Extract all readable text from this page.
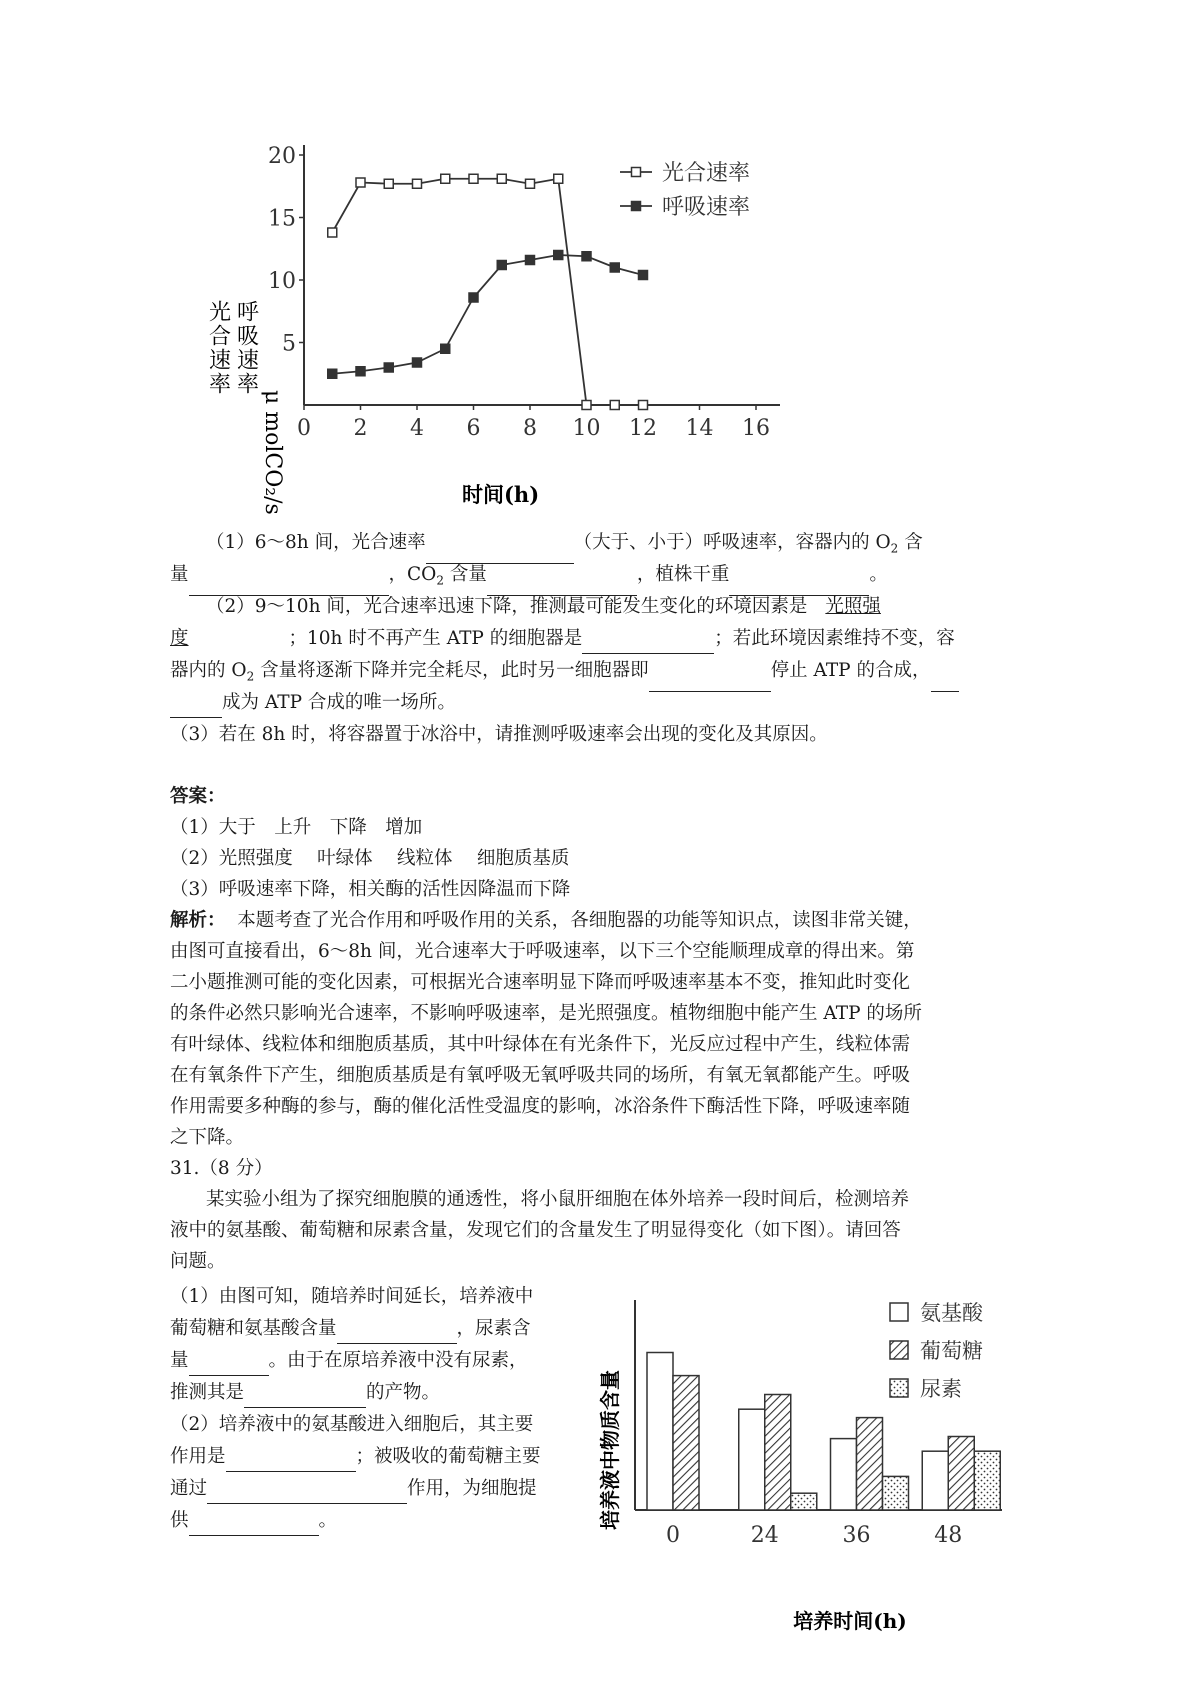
0 2 4 6 8 10 12 14 16
5
10
15
20
光合速率
呼吸速率
光合速率 呼吸速率
μ molCO₂/s	时间(h)
（1）6～8h 间，光合速率	（大于、小于）呼吸速率，容器内的 $O_2$ 含
量	，$CO_2$ 含量	，植株干重	。
（2）9～10h 间，光合速率迅速下降，推测最可能发生变化的环境因素是 光照强
度	；10h 时不再产生 ATP 的细胞器是	；若此环境因素维持不变，容
器内的 $O_2$ 含量将逐渐下降并完全耗尽，此时另一细胞器即	停止 ATP 的合成，
成为 ATP 合成的唯一场所。
（3）若在 8h 时，将容器置于冰浴中，请推测呼吸速率会出现的变化及其原因。
答案：
（1）大于　上升　下降　增加
（2）光照强度　 叶绿体　 线粒体　 细胞质基质
（3）呼吸速率下降，相关酶的活性因降温而下降
解析： 本题考查了光合作用和呼吸作用的关系，各细胞器的功能等知识点，读图非常关键，
由图可直接看出，6～8h 间，光合速率大于呼吸速率，以下三个空能顺理成章的得出来。第
二小题推测可能的变化因素，可根据光合速率明显下降而呼吸速率基本不变，推知此时变化
的条件必然只影响光合速率，不影响呼吸速率，是光照强度。植物细胞中能产生 ATP 的场所
有叶绿体、线粒体和细胞质基质，其中叶绿体在有光条件下，光反应过程中产生，线粒体需
在有氧条件下产生，细胞质基质是有氧呼吸无氧呼吸共同的场所，有氧无氧都能产生。呼吸
作用需要多种酶的参与，酶的催化活性受温度的影响，冰浴条件下酶活性下降，呼吸速率随
之下降。
31.（8 分）
某实验小组为了探究细胞膜的通透性，将小鼠肝细胞在体外培养一段时间后，检测培养
液中的氨基酸、葡萄糖和尿素含量，发现它们的含量发生了明显得变化（如下图）。请回答
问题。
（1）由图可知，随培养时间延长，培养液中
葡萄糖和氨基酸含量	，尿素含
量	。由于在原培养液中没有尿素，
推测其是	的产物。
（2）培养液中的氨基酸进入细胞后，其主要
作用是	；被吸收的葡萄糖主要
通过	作用，为细胞提
供	。
0	24	36	48
氨基酸
葡萄糖
尿素
培养液中物质含量
培养时间(h)
